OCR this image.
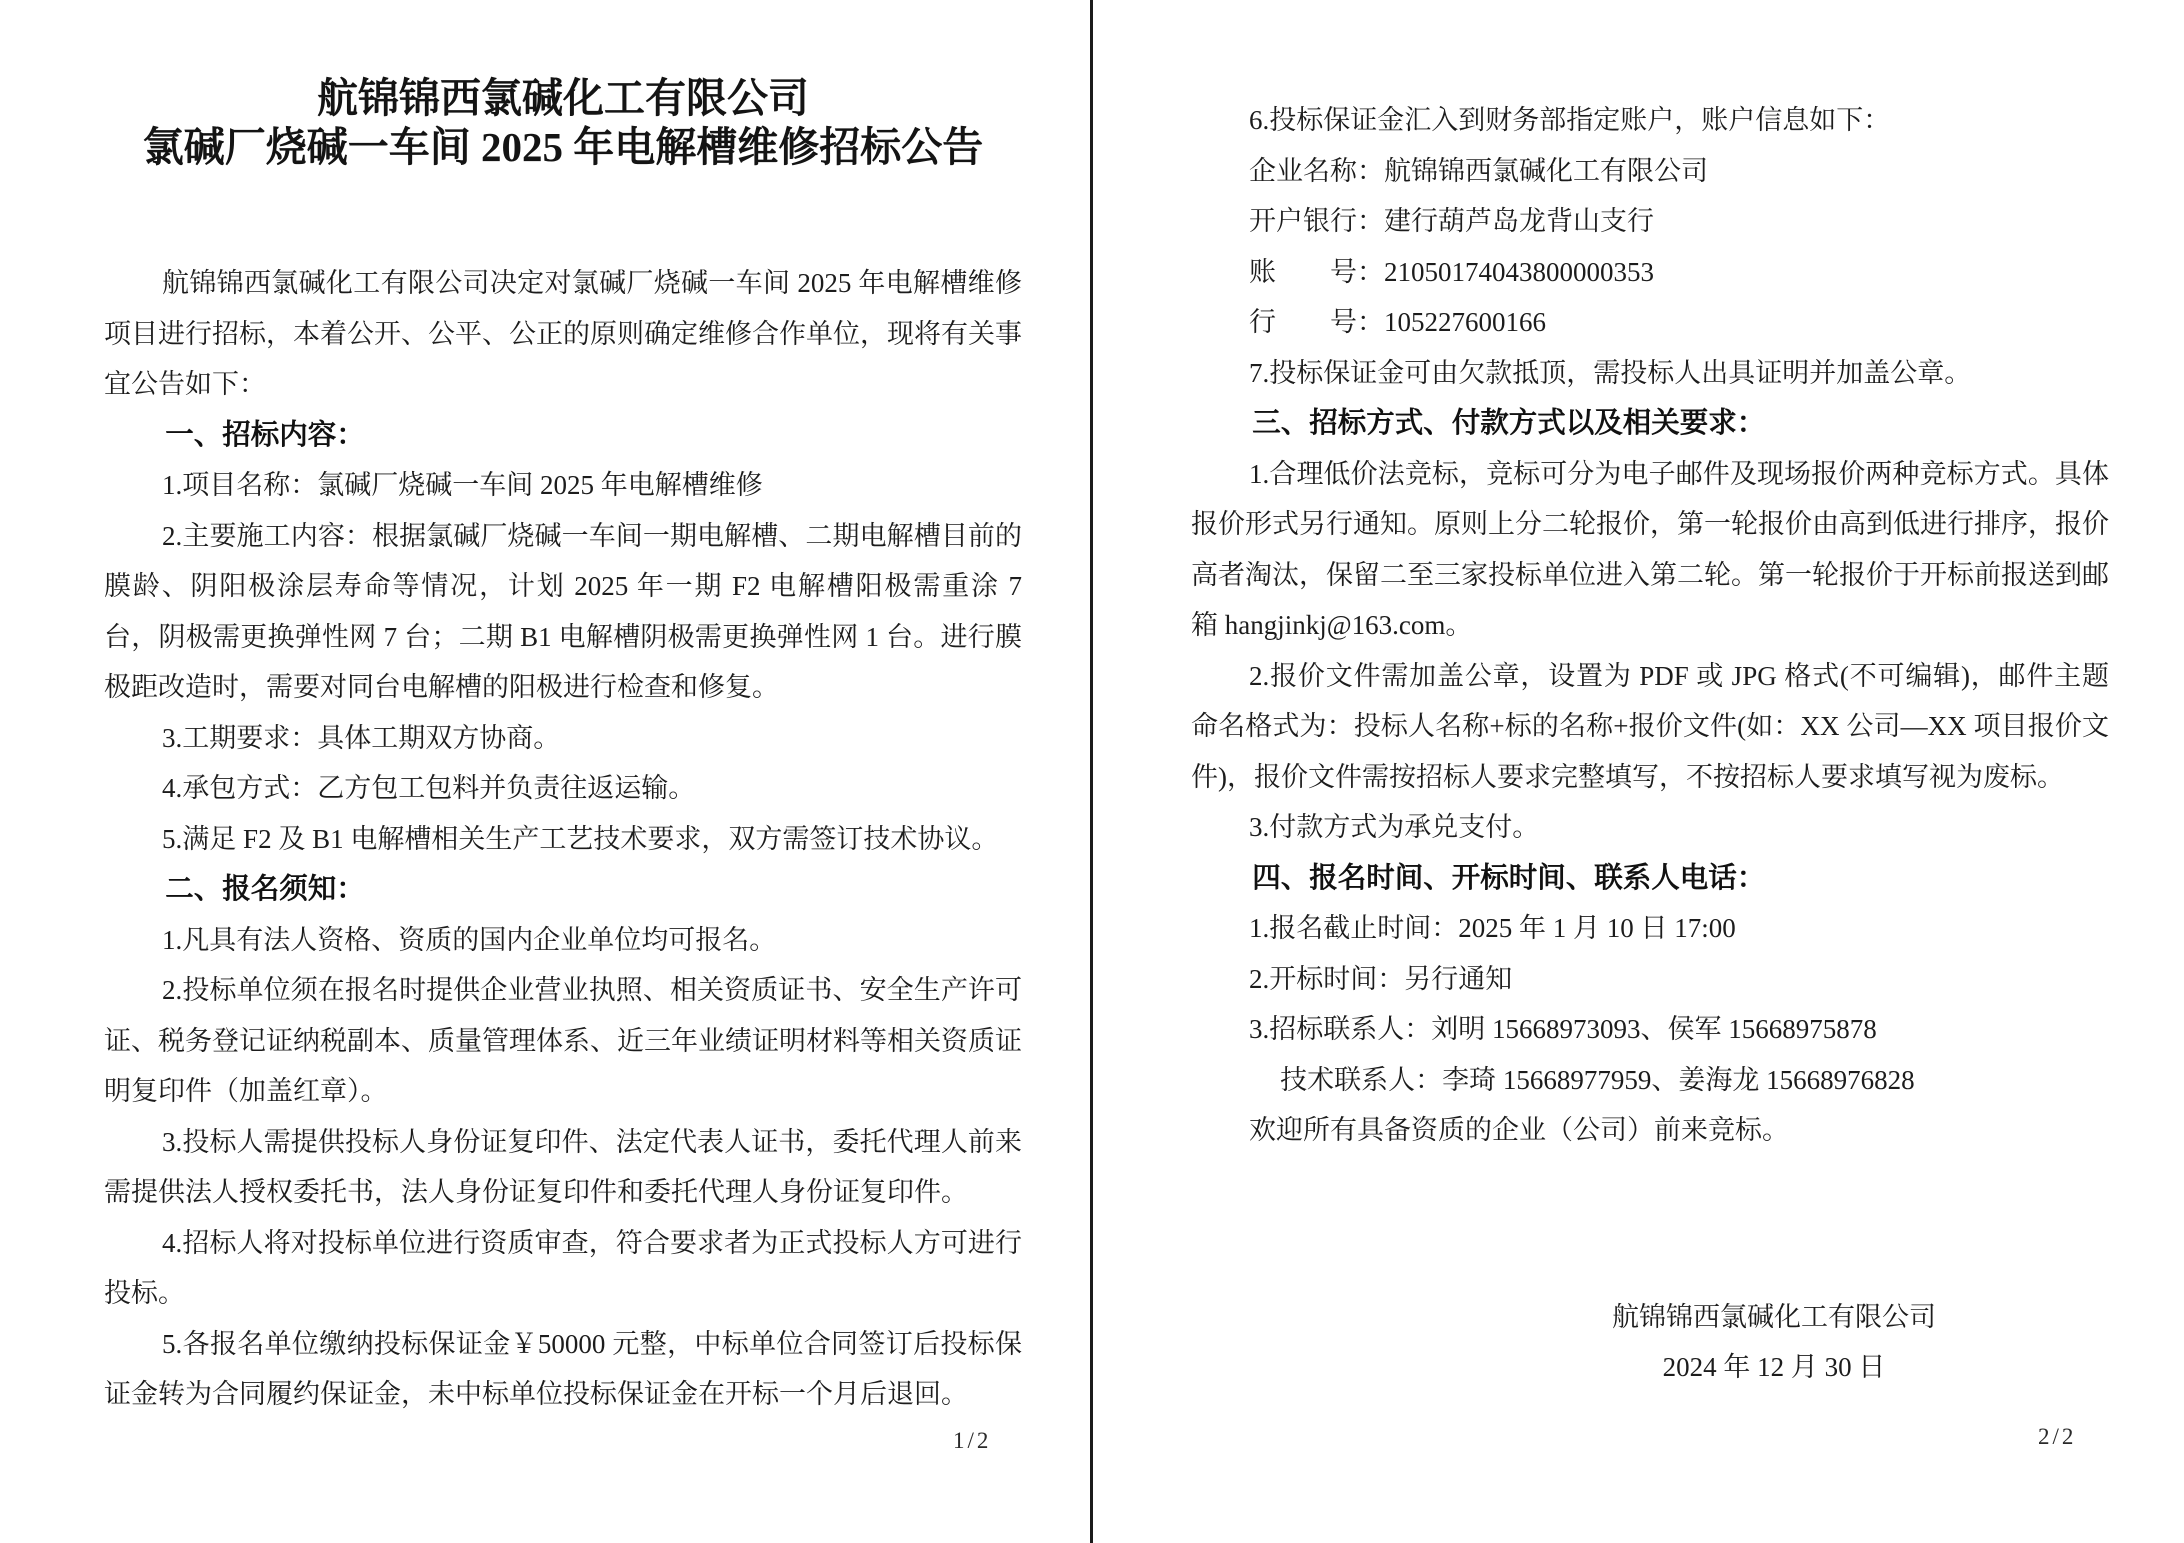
航锦锦西氯碱化工有限公司
氯碱厂烧碱一车间 2025 年电解槽维修招标公告

航锦锦西氯碱化工有限公司决定对氯碱厂烧碱一车间 2025 年电解槽维修项目进行招标，本着公开、公平、公正的原则确定维修合作单位，现将有关事宜公告如下：

一、招标内容：

1.项目名称：氯碱厂烧碱一车间 2025 年电解槽维修

2.主要施工内容：根据氯碱厂烧碱一车间一期电解槽、二期电解槽目前的膜龄、阴阳极涂层寿命等情况，计划 2025 年一期 F2 电解槽阳极需重涂 7 台，阴极需更换弹性网 7 台；二期 B1 电解槽阴极需更换弹性网 1 台。进行膜极距改造时，需要对同台电解槽的阳极进行检查和修复。

3.工期要求：具体工期双方协商。

4.承包方式：乙方包工包料并负责往返运输。

5.满足 F2 及 B1 电解槽相关生产工艺技术要求，双方需签订技术协议。

二、报名须知：

1.凡具有法人资格、资质的国内企业单位均可报名。

2.投标单位须在报名时提供企业营业执照、相关资质证书、安全生产许可证、税务登记证纳税副本、质量管理体系、近三年业绩证明材料等相关资质证明复印件（加盖红章）。

3.投标人需提供投标人身份证复印件、法定代表人证书，委托代理人前来需提供法人授权委托书，法人身份证复印件和委托代理人身份证复印件。

4.招标人将对投标单位进行资质审查，符合要求者为正式投标人方可进行投标。

5.各报名单位缴纳投标保证金￥50000 元整，中标单位合同签订后投标保证金转为合同履约保证金，未中标单位投标保证金在开标一个月后退回。

6.投标保证金汇入到财务部指定账户，账户信息如下：

企业名称：航锦锦西氯碱化工有限公司

开户银行：建行葫芦岛龙背山支行

账　　号：21050174043800000353

行　　号：105227600166

7.投标保证金可由欠款抵顶，需投标人出具证明并加盖公章。

三、招标方式、付款方式以及相关要求：

1.合理低价法竞标，竞标可分为电子邮件及现场报价两种竞标方式。具体报价形式另行通知。原则上分二轮报价，第一轮报价由高到低进行排序，报价高者淘汰，保留二至三家投标单位进入第二轮。第一轮报价于开标前报送到邮箱 hangjinkj@163.com。

2.报价文件需加盖公章，设置为 PDF 或 JPG 格式(不可编辑)，邮件主题命名格式为：投标人名称+标的名称+报价文件(如：XX 公司—XX 项目报价文件)，报价文件需按招标人要求完整填写，不按招标人要求填写视为废标。

3.付款方式为承兑支付。

四、报名时间、开标时间、联系人电话：

1.报名截止时间：2025 年 1 月 10 日 17:00

2.开标时间：另行通知

3.招标联系人：刘明 15668973093、侯军 15668975878

技术联系人：李琦 15668977959、姜海龙 15668976828

欢迎所有具备资质的企业（公司）前来竞标。

航锦锦西氯碱化工有限公司

2024 年 12 月 30 日

1/2	2/2
